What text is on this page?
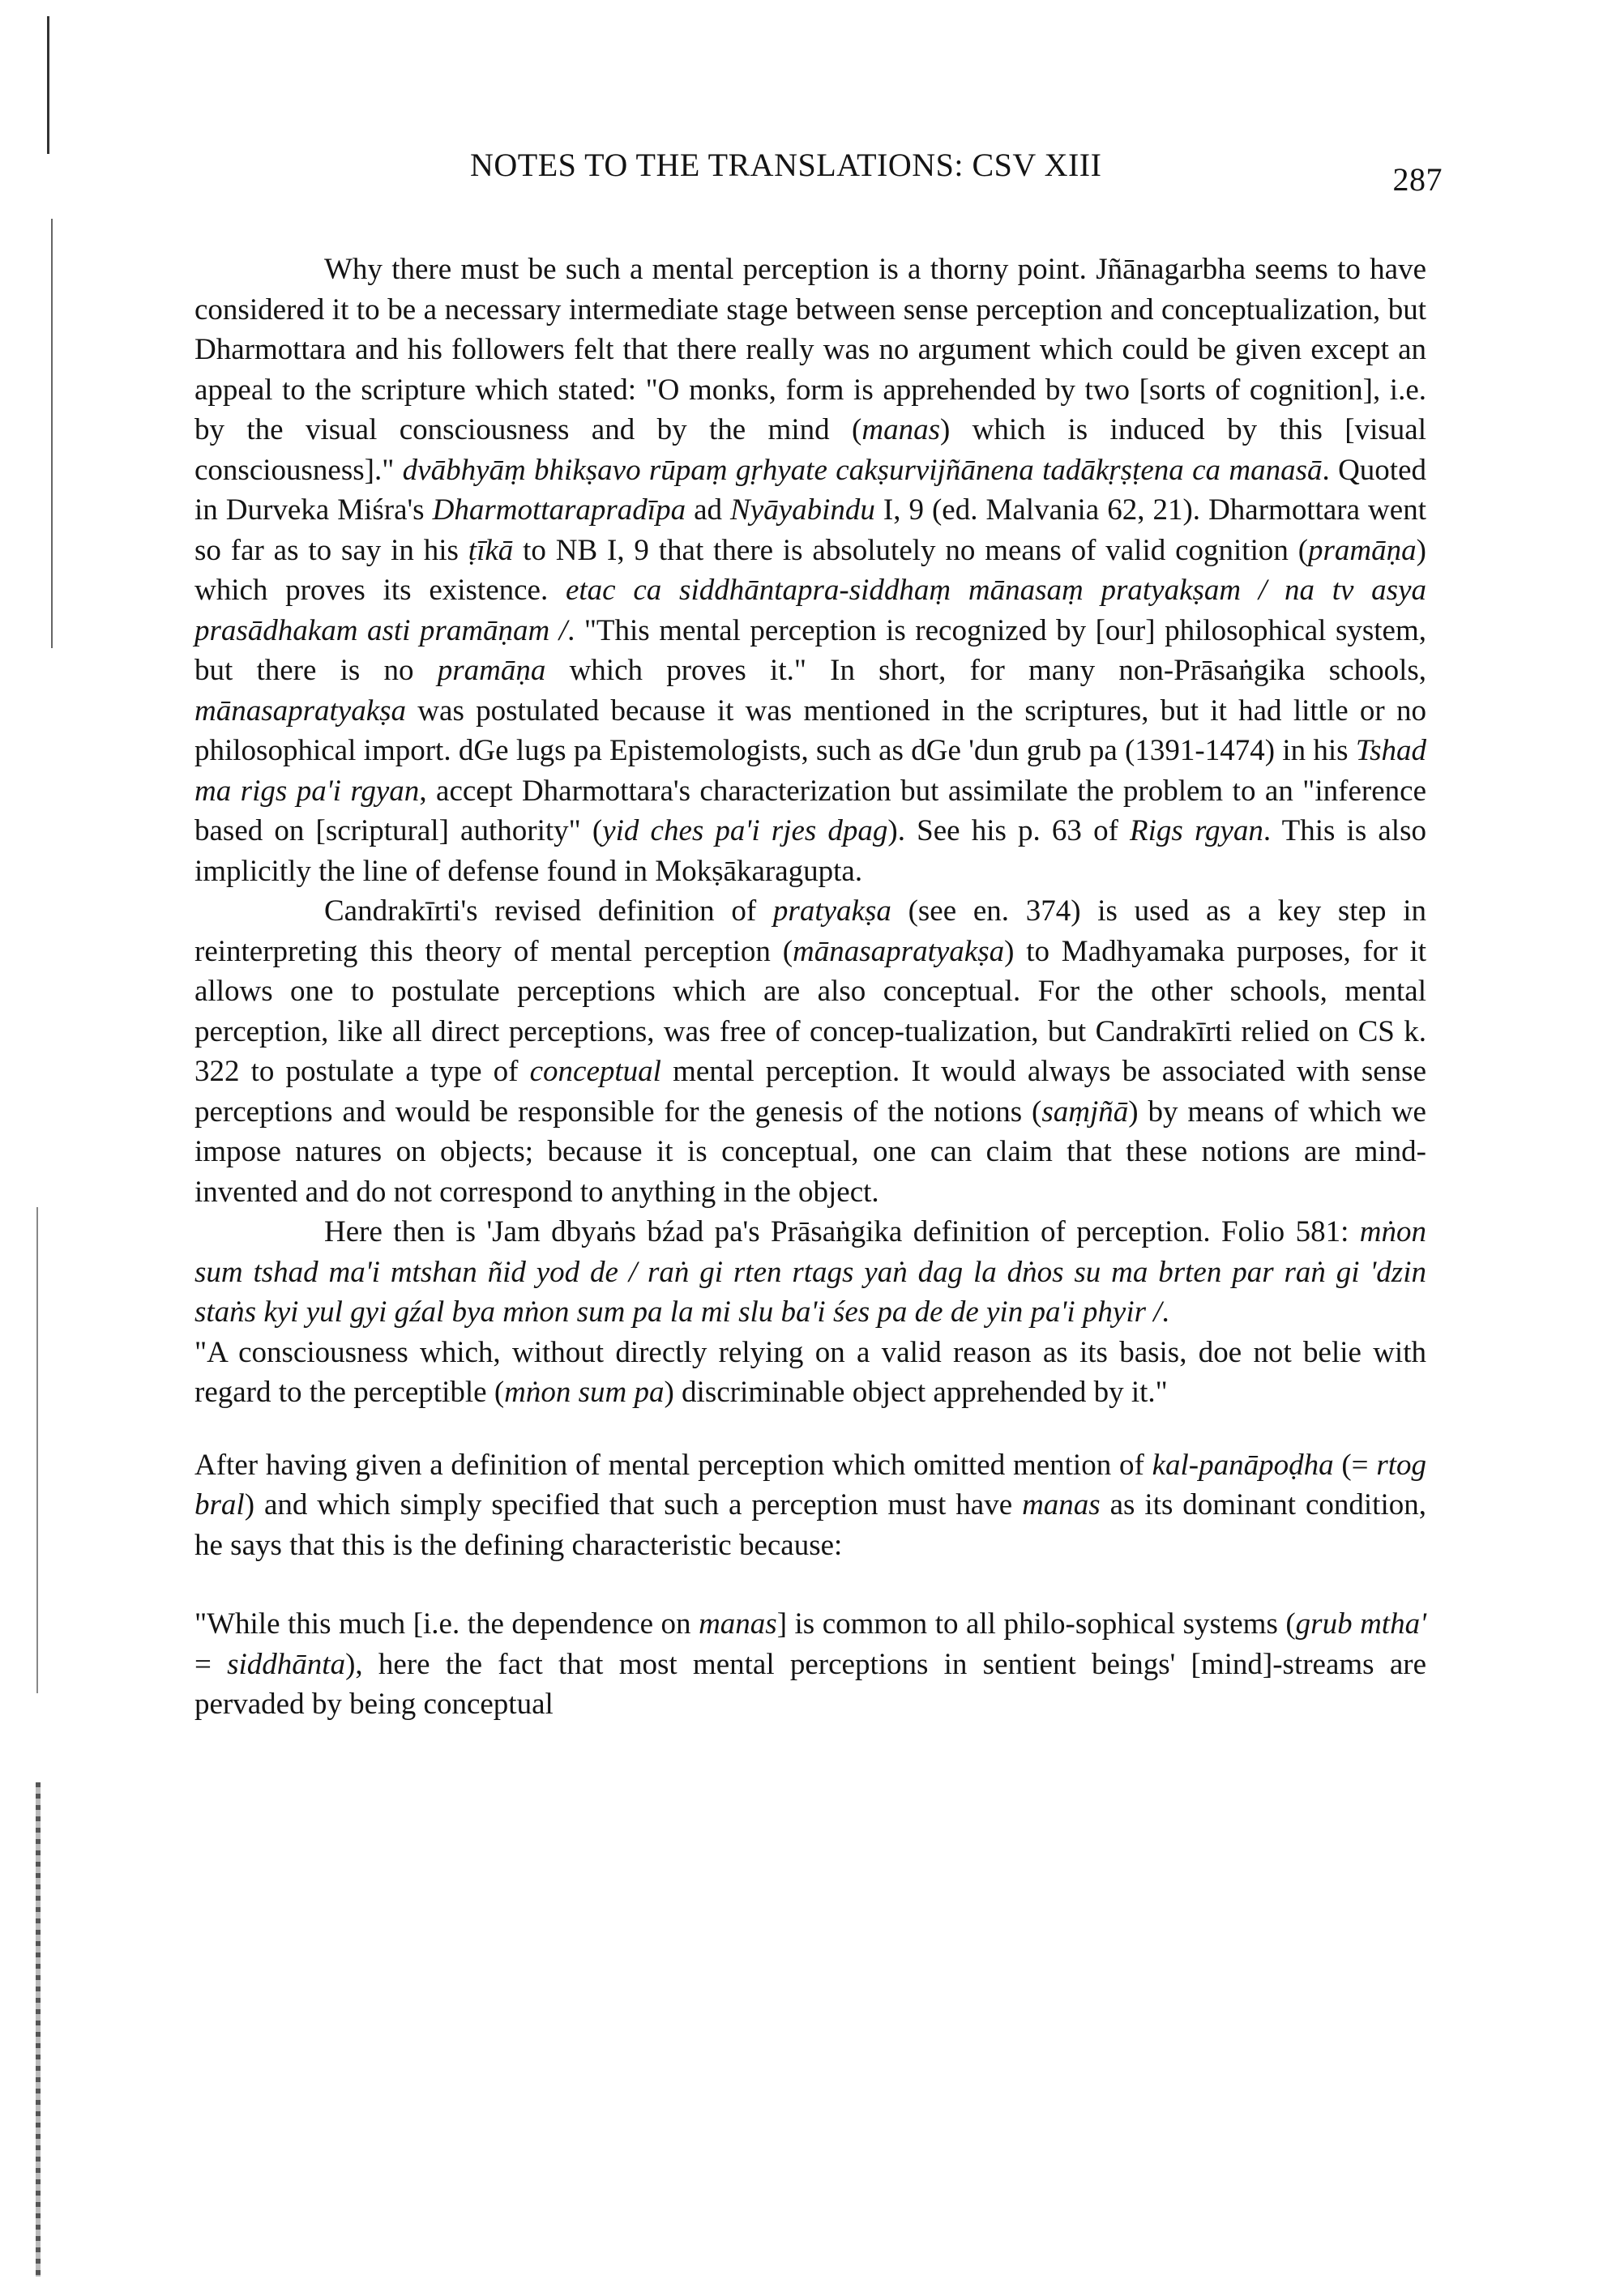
NOTES TO THE TRANSLATIONS: CSV XIII	287

Why there must be such a mental perception is a thorny point. Jñānagarbha seems to have considered it to be a necessary intermediate stage between sense perception and conceptualization, but Dharmottara and his followers felt that there really was no argument which could be given except an appeal to the scripture which stated: "O monks, form is apprehended by two [sorts of cognition], i.e. by the visual consciousness and by the mind (manas) which is induced by this [visual consciousness]." dvābhyāṃ bhikṣavo rūpaṃ gṛhyate cakṣurvijñānena tadākṛṣṭena ca manasā. Quoted in Durveka Miśra's Dharmottarapradīpa ad Nyāyabindu I, 9 (ed. Malvania 62, 21). Dharmottara went so far as to say in his ṭīkā to NB I, 9 that there is absolutely no means of valid cognition (pramāṇa) which proves its existence. etac ca siddhāntapra-siddhaṃ mānasaṃ pratyakṣam / na tv asya prasādhakam asti pramāṇam /. "This mental perception is recognized by [our] philosophical system, but there is no pramāṇa which proves it." In short, for many non-Prāsaṅgika schools, mānasapratyakṣa was postulated because it was mentioned in the scriptures, but it had little or no philosophical import. dGe lugs pa Epistemologists, such as dGe 'dun grub pa (1391-1474) in his Tshad ma rigs pa'i rgyan, accept Dharmottara's characterization but assimilate the problem to an "inference based on [scriptural] authority" (yid ches pa'i rjes dpag). See his p. 63 of Rigs rgyan. This is also implicitly the line of defense found in Mokṣākaragupta.

Candrakīrti's revised definition of pratyakṣa (see en. 374) is used as a key step in reinterpreting this theory of mental perception (mānasapratyakṣa) to Madhyamaka purposes, for it allows one to postulate perceptions which are also conceptual. For the other schools, mental perception, like all direct perceptions, was free of concep-tualization, but Candrakīrti relied on CS k. 322 to postulate a type of conceptual mental perception. It would always be associated with sense perceptions and would be responsible for the genesis of the notions (saṃjñā) by means of which we impose natures on objects; because it is conceptual, one can claim that these notions are mind-invented and do not correspond to anything in the object.

Here then is 'Jam dbyaṅs bźad pa's Prāsaṅgika definition of perception. Folio 581: mṅon sum tshad ma'i mtshan ñid yod de / raṅ gi rten rtags yaṅ dag la dṅos su ma brten par raṅ gi 'dzin staṅs kyi yul gyi gźal bya mṅon sum pa la mi slu ba'i śes pa de de yin pa'i phyir /.

"A consciousness which, without directly relying on a valid reason as its basis, doe not belie with regard to the perceptible (mṅon sum pa) discriminable object apprehended by it."

After having given a definition of mental perception which omitted mention of kal-panāpoḍha (= rtog bral) and which simply specified that such a perception must have manas as its dominant condition, he says that this is the defining characteristic because:

"While this much [i.e. the dependence on manas] is common to all philo-sophical systems (grub mtha' = siddhānta), here the fact that most mental perceptions in sentient beings' [mind]-streams are pervaded by being conceptual
